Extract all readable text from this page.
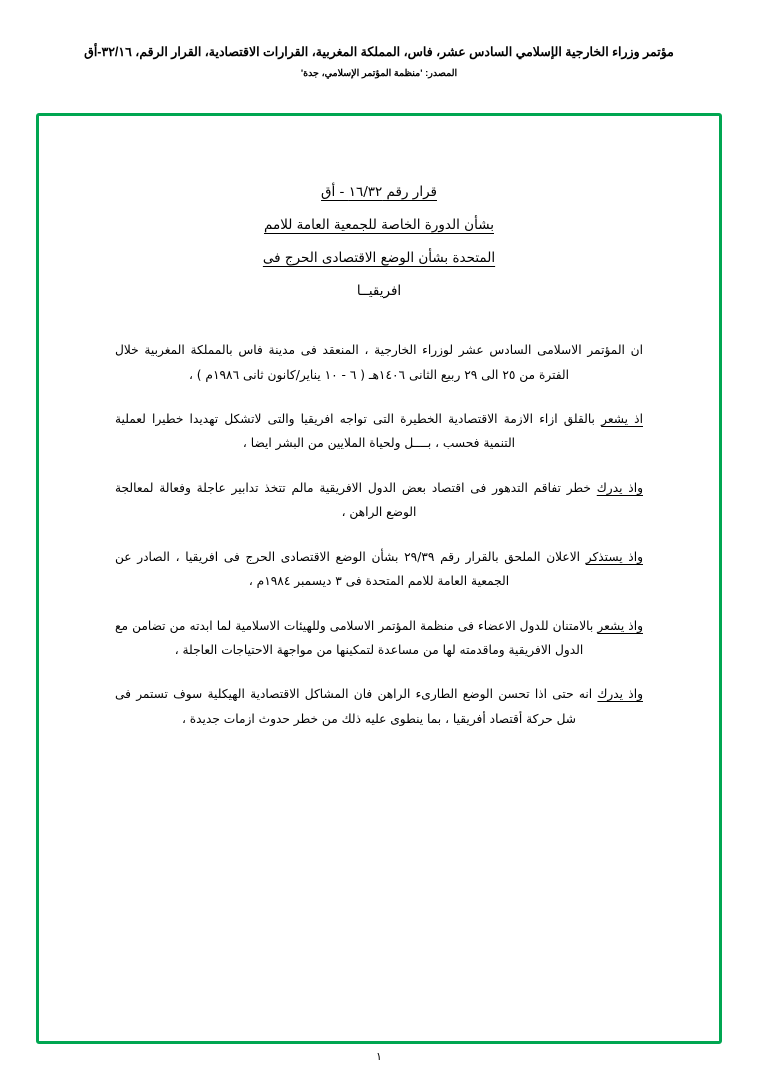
مؤتمر وزراء الخارجية الإسلامي السادس عشر، فاس، المملكة المغربية، القرارات الاقتصادية، القرار الرقم، ٣٢/١٦-أق
المصدر: 'منظمة المؤتمر الإسلامي، جدة'
قرار رقم ١٦/٣٢ - أق
بشأن الدورة الخاصة للجمعية العامة للامم
المتحدة بشأن الوضع الاقتصادى الحرج فى
افريقيــا

ان المؤتمر الاسلامى السادس عشر لوزراء الخارجية ، المنعقد فى مدينة فاس بالمملكة المغربية خلال الفترة من ٢٥ الى ٢٩ ربيع الثانى ١٤٠٦هـ ( ٦ - ١٠ يناير/كانون ثانى ١٩٨٦م ) ،

اذ يشعر بالقلق ازاء الازمة الاقتصادية الخطيرة التى تواجه افريقيا والتى لاتشكل تهديدا خطيرا لعملية التنمية فحسب ، بــــل ولحياة الملايين من البشر ايضا ،

واذ يدرك خطر تفاقم التدهور فى اقتصاد بعض الدول الافريقية مالم تتخذ تدابير عاجلة وفعالة لمعالجة الوضع الراهن ،

واذ يستذكر الاعلان الملحق بالقرار رقم ٢٩/٣٩ بشأن الوضع الاقتصادى الحرج فى افريقيا ، الصادر عن الجمعية العامة للامم المتحدة فى ٣ ديسمبر ١٩٨٤م ،

واذ يشعر بالامتنان للدول الاعضاء فى منظمة المؤتمر الاسلامى وللهيئات الاسلامية لما ابدته من تضامن مع الدول الافريقية وماقدمته لها من مساعدة لتمكينها من مواجهة الاحتياجات العاجلة ،

واذ يدرك انه حتى اذا تحسن الوضع الطارىء الراهن فان المشاكل الاقتصادية الهيكلية سوف تستمر فى شل حركة أقتصاد أفريقيا ، بما ينطوى عليه ذلك من خطر حدوث ازمات جديدة ،

١
